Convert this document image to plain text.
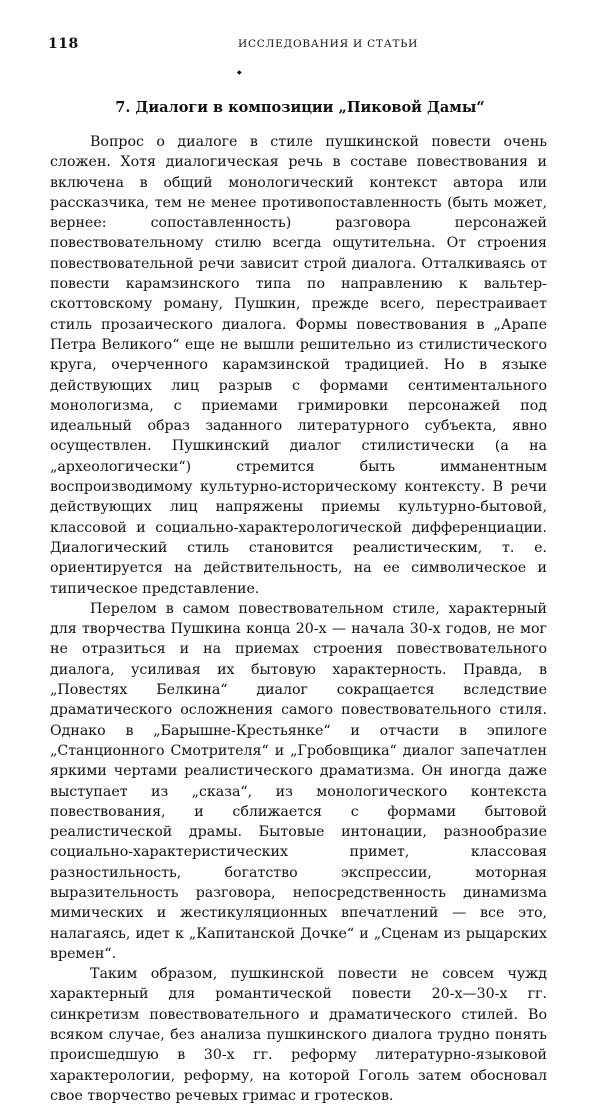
118	ИССЛЕДОВАНИЯ И СТАТЬИ
◆
7. Диалоги в композиции „Пиковой Дамы“

Вопрос о диалоге в стиле пушкинской повести очень сложен. Хотя диалогическая речь в составе повествования и включена в общий монологический контекст автора или рассказчика, тем не менее противопоставленность (быть может, вернее: сопоставленность) разговора персонажей повествовательному стилю всегда ощутительна. От строения повествовательной речи зависит строй диалога. Отталкиваясь от повести карамзинского типа по направлению к вальтер-скоттовскому роману, Пушкин, прежде всего, перестраивает стиль прозаического диалога. Формы повествования в „Арапе Петра Великого“ еще не вышли решительно из стилистического круга, очерченного карамзинской традицией. Но в языке действующих лиц разрыв с формами сентиментального монологизма, с приемами гримировки персонажей под идеальный образ заданного литературного субъекта, явно осуществлен. Пушкинский диалог стилистически (а на „археологически“) стремится быть имманентным воспроизводимому культурно-историческому контексту. В речи действующих лиц напряжены приемы культурно-бытовой, классовой и социально-характерологической дифференциации. Диалогический стиль становится реалистическим, т. е. ориентируется на действительность, на ее символическое и типическое представление.

Перелом в самом повествовательном стиле, характерный для творчества Пушкина конца 20-х — начала 30-х годов, не мог не отразиться и на приемах строения повествовательного диалога, усиливая их бытовую характерность. Правда, в „Повестях Белкина“ диалог сокращается вследствие драматического осложнения самого повествовательного стиля. Однако в „Барышне-Крестьянке“ и отчасти в эпилоге „Станционного Смотрителя“ и „Гробовщика“ диалог запечатлен яркими чертами реалистического драматизма. Он иногда даже выступает из „сказа“, из монологического контекста повествования, и сближается с формами бытовой реалистической драмы. Бытовые интонации, разнообразие социально-характеристических примет, классовая разностильность, богатство экспрессии, моторная выразительность разговора, непосредственность динамизма мимических и жестикуляционных впечатлений — все это, налагаясь, идет к „Капитанской Дочке“ и „Сценам из рыцарских времен“.

Таким образом, пушкинской повести не совсем чужд характерный для романтической повести 20-х—30-х гг. синкретизм повествовательного и драматического стилей. Во всяком случае, без анализа пушкинского диалога трудно понять происшедшую в 30-х гг. реформу литературно-языковой характерологии, реформу, на которой Гоголь затем обосновал свое творчество речевых гримас и гротесков.
